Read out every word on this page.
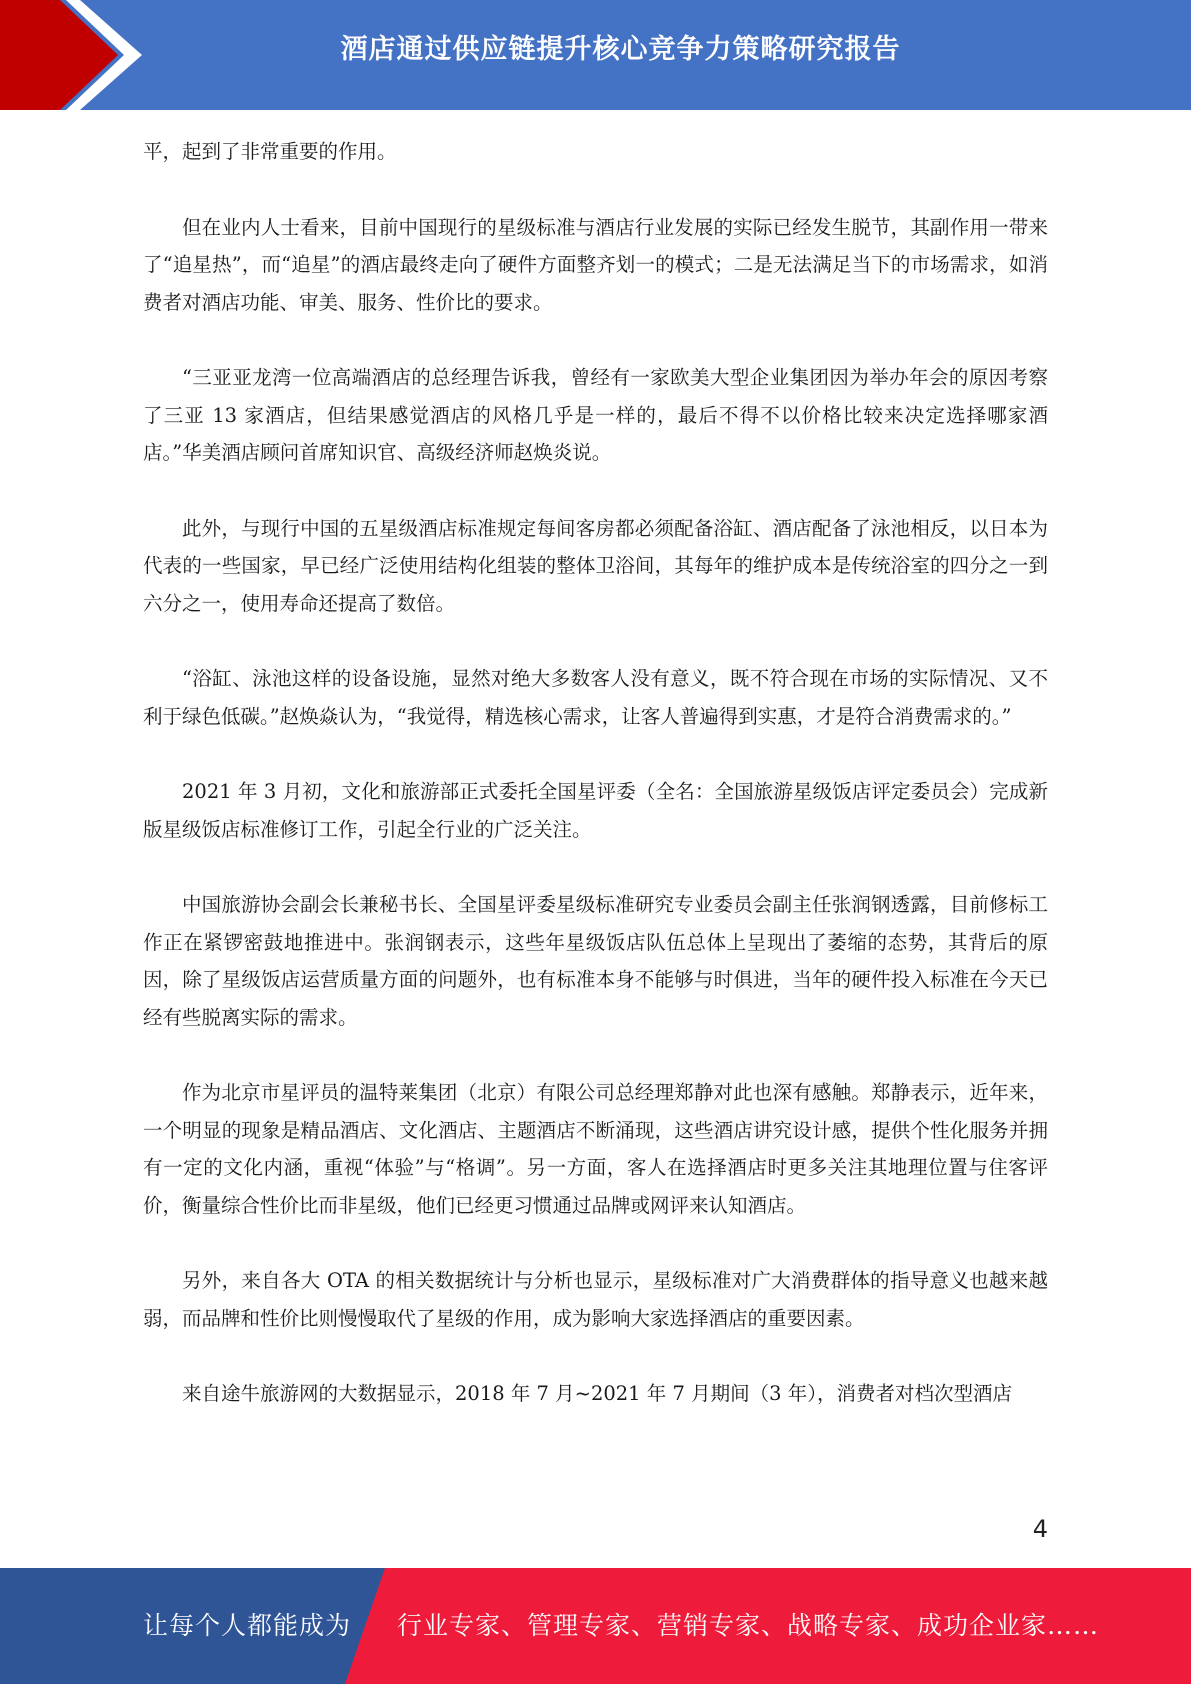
酒店通过供应链提升核心竞争力策略研究报告

平，起到了非常重要的作用。

但在业内人士看来，目前中国现行的星级标准与酒店行业发展的实际已经发生脱节，其副作用一带来了“追星热”，而“追星”的酒店最终走向了硬件方面整齐划一的模式；二是无法满足当下的市场需求，如消费者对酒店功能、审美、服务、性价比的要求。

“三亚亚龙湾一位高端酒店的总经理告诉我，曾经有一家欧美大型企业集团因为举办年会的原因考察了三亚 13 家酒店，但结果感觉酒店的风格几乎是一样的，最后不得不以价格比较来决定选择哪家酒店。”华美酒店顾问首席知识官、高级经济师赵焕炎说。

此外，与现行中国的五星级酒店标准规定每间客房都必须配备浴缸、酒店配备了泳池相反，以日本为代表的一些国家，早已经广泛使用结构化组装的整体卫浴间，其每年的维护成本是传统浴室的四分之一到六分之一，使用寿命还提高了数倍。

“浴缸、泳池这样的设备设施，显然对绝大多数客人没有意义，既不符合现在市场的实际情况、又不利于绿色低碳。”赵焕焱认为，“我觉得，精选核心需求，让客人普遍得到实惠，才是符合消费需求的。”

2021 年 3 月初，文化和旅游部正式委托全国星评委（全名：全国旅游星级饭店评定委员会）完成新版星级饭店标准修订工作，引起全行业的广泛关注。

中国旅游协会副会长兼秘书长、全国星评委星级标准研究专业委员会副主任张润钢透露，目前修标工作正在紧锣密鼓地推进中。张润钢表示，这些年星级饭店队伍总体上呈现出了萎缩的态势，其背后的原因，除了星级饭店运营质量方面的问题外，也有标准本身不能够与时俱进，当年的硬件投入标准在今天已经有些脱离实际的需求。

作为北京市星评员的温特莱集团（北京）有限公司总经理郑静对此也深有感触。郑静表示，近年来，一个明显的现象是精品酒店、文化酒店、主题酒店不断涌现，这些酒店讲究设计感，提供个性化服务并拥有一定的文化内涵，重视“体验”与“格调”。另一方面，客人在选择酒店时更多关注其地理位置与住客评价，衡量综合性价比而非星级，他们已经更习惯通过品牌或网评来认知酒店。

另外，来自各大 OTA 的相关数据统计与分析也显示，星级标准对广大消费群体的指导意义也越来越弱，而品牌和性价比则慢慢取代了星级的作用，成为影响大家选择酒店的重要因素。

来自途牛旅游网的大数据显示，2018 年 7 月~2021 年 7 月期间（3 年），消费者对档次型酒店

4
让每个人都能成为 行业专家、管理专家、营销专家、战略专家、成功企业家……
